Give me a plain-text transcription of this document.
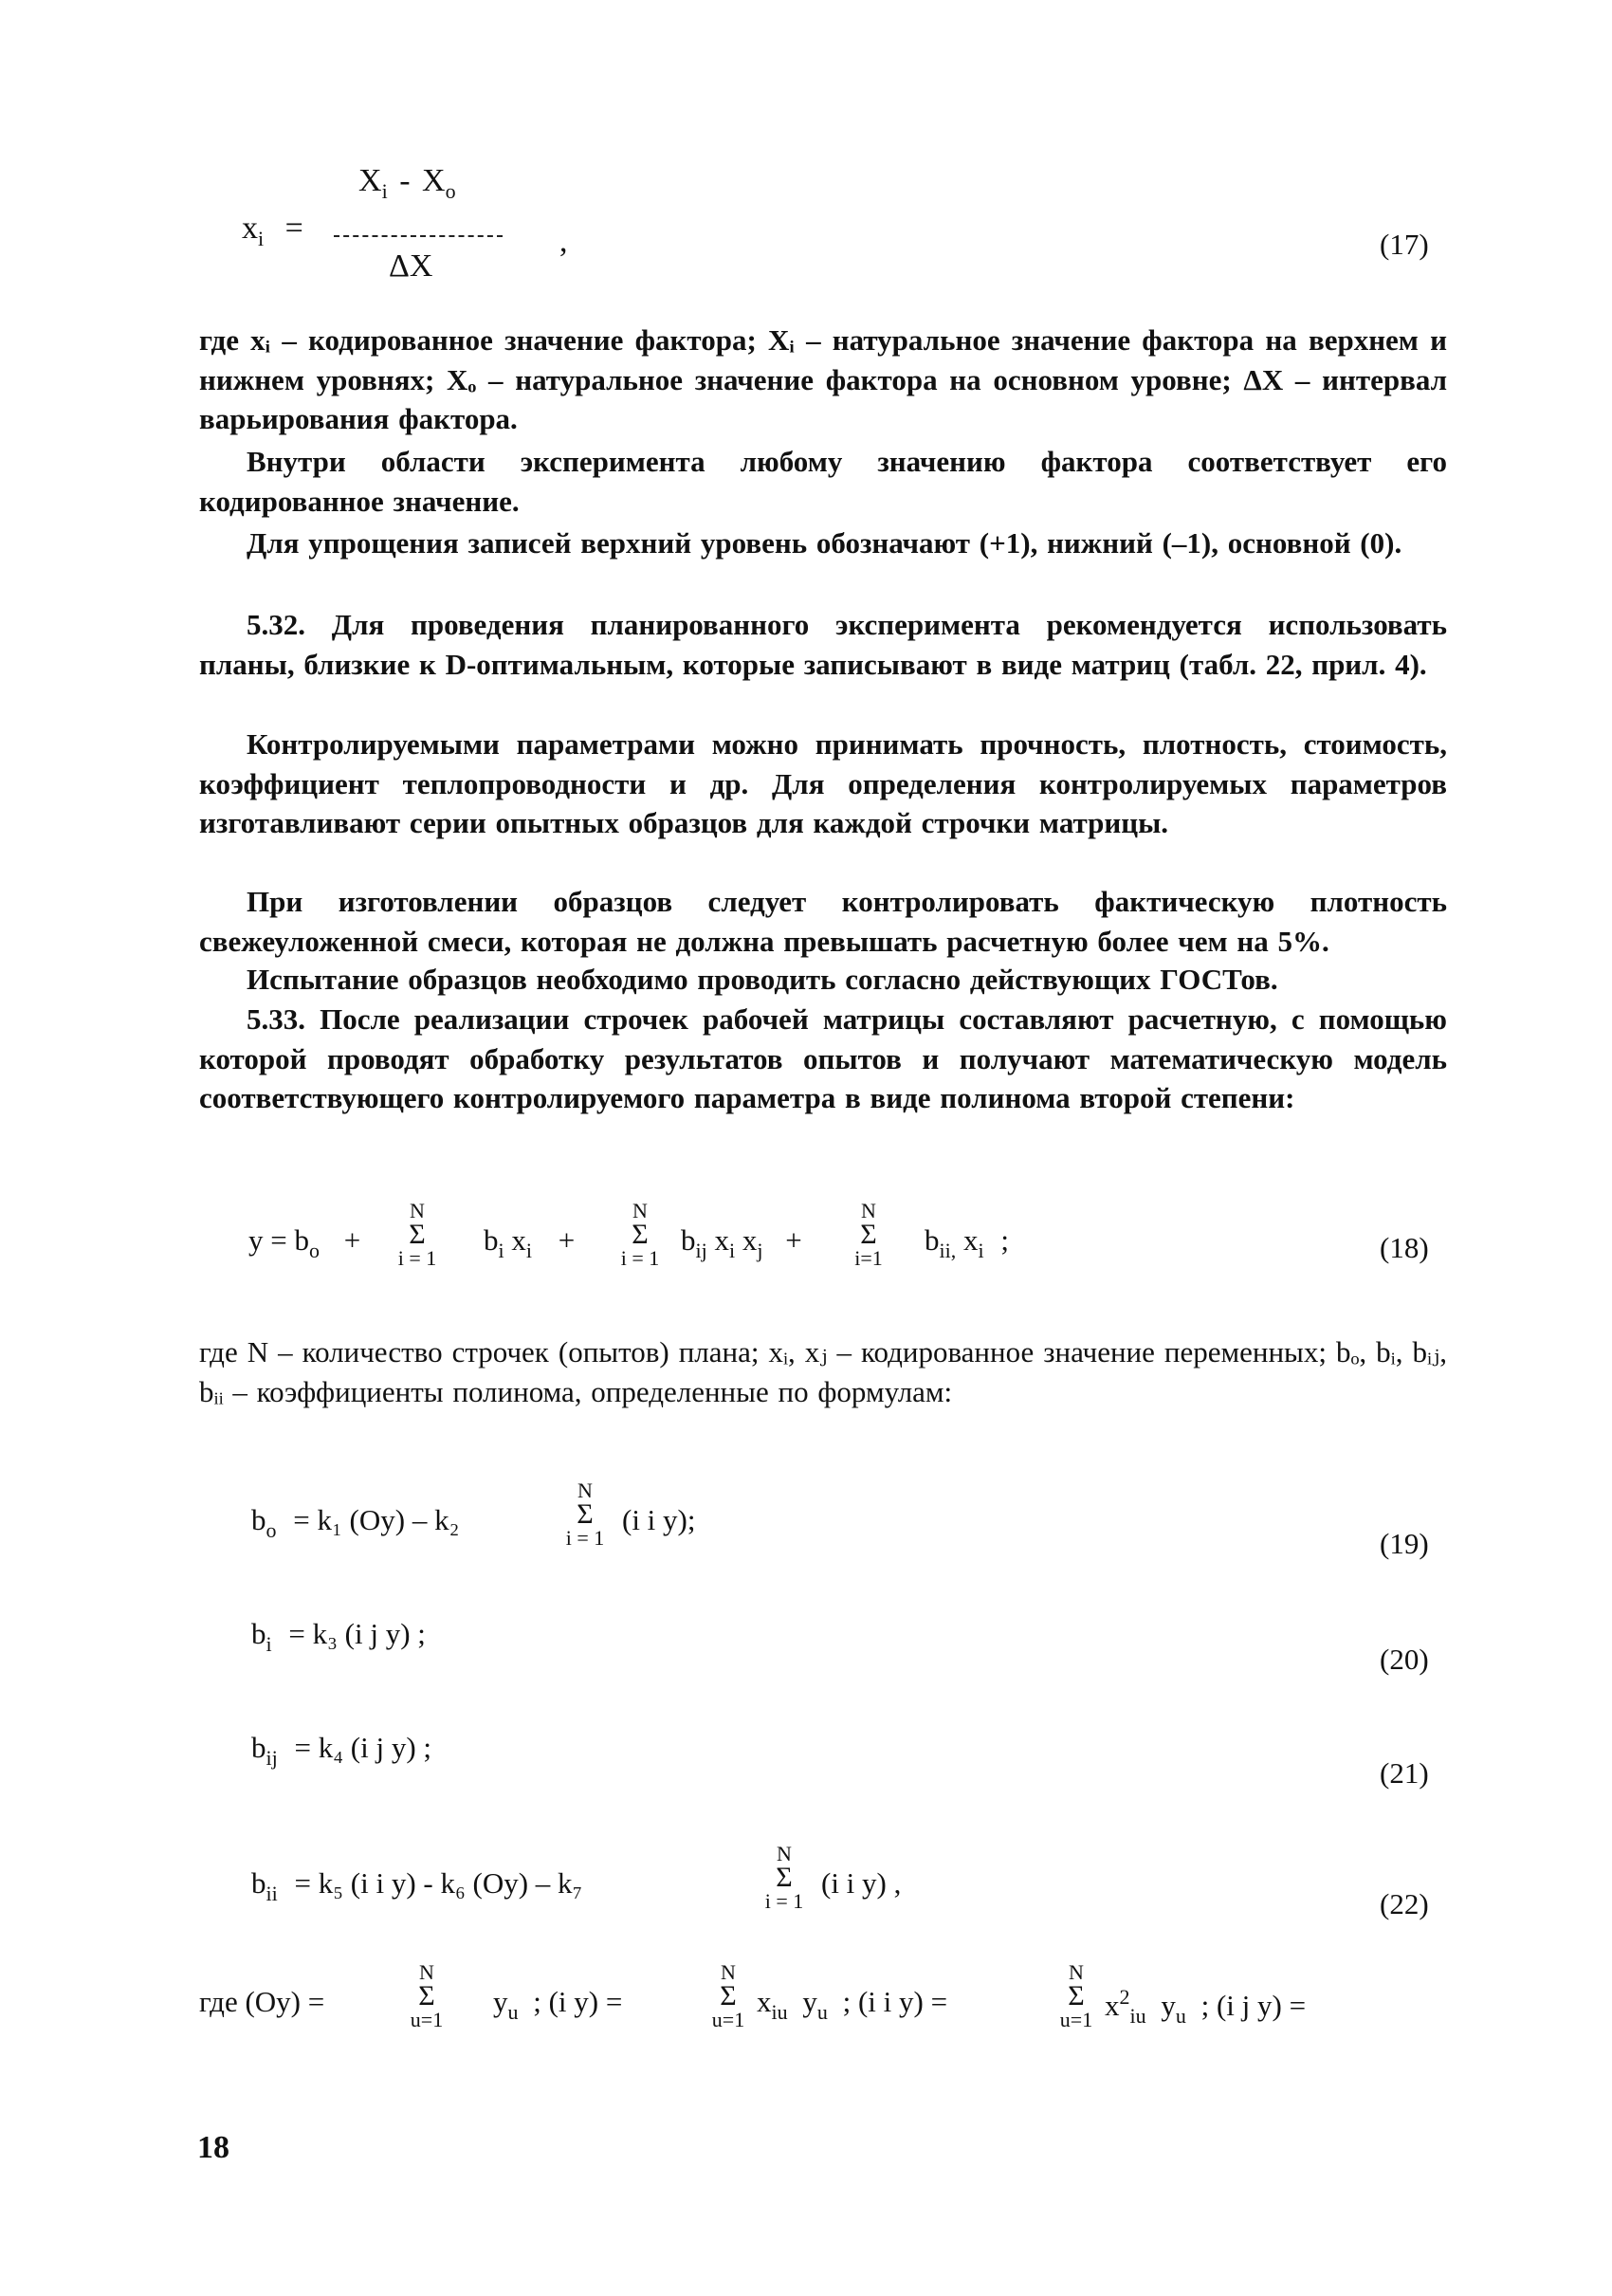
$x_i$ =
$X_i - X_o$
ΔX
,	(17)
где xᵢ – кодированное значение фактора; Xᵢ – натуральное значение фактора на верхнем и нижнем уровнях; Xₒ – натуральное значение фактора на основном уровне; ΔX – интервал варьирования фактора.
Внутри области эксперимента любому значению фактора соответствует его кодированное значение.
Для упрощения записей верхний уровень обозначают (+1), нижний (–1), основной (0).
5.32. Для проведения планированного эксперимента рекомендуется использовать планы, близкие к D-оптимальным, которые записывают в виде матриц (табл. 22, прил. 4).
Контролируемыми параметрами можно принимать прочность, плотность, стоимость, коэффициент теплопроводности и др. Для определения контролируемых параметров изготавливают серии опытных образцов для каждой строчки матрицы.
При изготовлении образцов следует контролировать фактическую плотность свежеуложенной смеси, которая не должна превышать расчетную более чем на 5%.
Испытание образцов необходимо проводить согласно действующих ГОСТов.
5.33. После реализации строчек рабочей матрицы составляют расчетную, с помощью которой проводят обработку результатов опытов и получают математическую модель соответствующего контролируемого параметра в виде полинома второй степени:
$y = b_o$ +
N
Σ
i = 1
$b_i$ $x_i$ +
N
Σ
i = 1
$b_{ij}$ $x_i$ $x_j$ +
N
Σ
i=1
$b_{ii,}$ $x_i$ ;	(18)
где N – количество строчек (опытов) плана; xᵢ, xⱼ – кодированное значение переменных; bₒ, bᵢ, bᵢⱼ, bᵢᵢ – коэффициенты полинома, определенные по формулам:
$b_o = k_1$ (Oy) – k₂
N
Σ
i = 1
(i i y);
(19)
$b_i = k_3$ (i j y) ;
(20)
$b_{ij} = k_4$ (i j y) ;
(21)
$b_{ii} = k_5$ (i i y) - k₆ (Oy) – k₇
N
Σ
i = 1
(i i y) ,
(22)
где (Oy) =
N
Σ
u=1
$y_u$ ; (i y) =
N
Σ
u=1
$x_{iu}$ $y_u$ ; (i i y) =
N
Σ
u=1 $x^2_{iu}$ $y_u$ ; (i j y) =
18
